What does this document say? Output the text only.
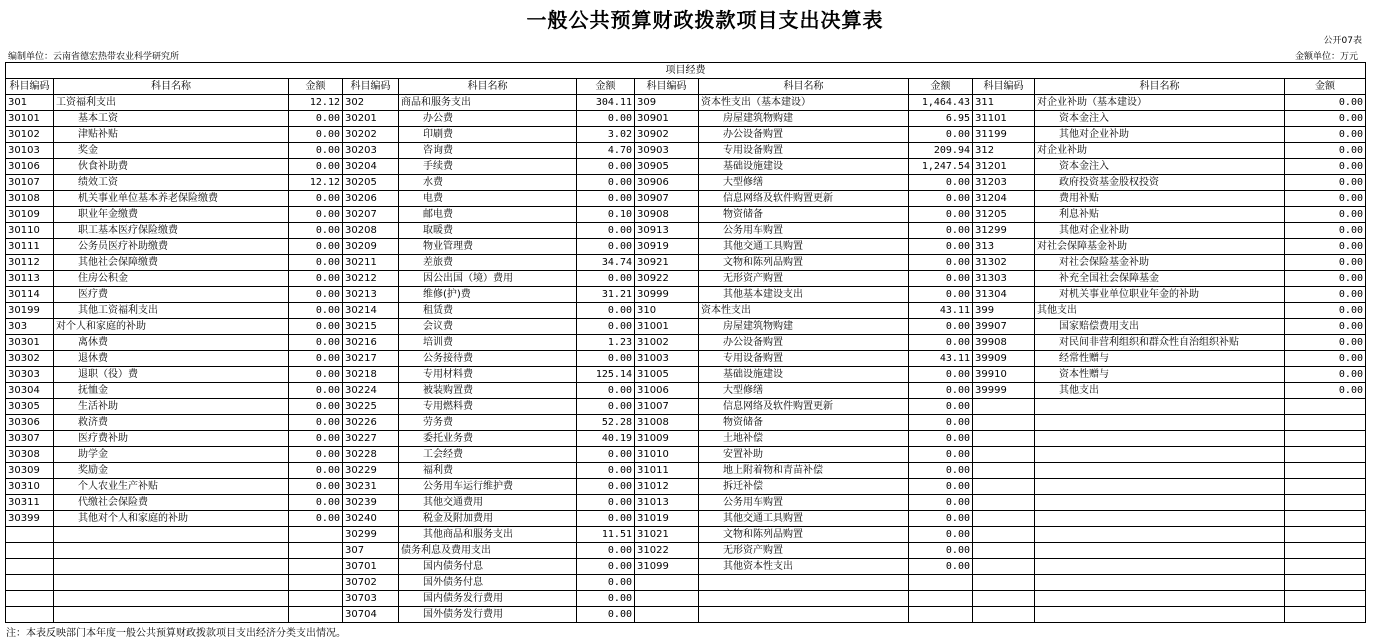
一般公共预算财政拨款项目支出决算表
公开07表
编制单位：云南省德宏热带农业科学研究所	金额单位：万元
项目经费											
科目编码	科目名称	金额	科目编码	科目名称	金额	科目编码	科目名称	金额	科目编码	科目名称	金额
301	工资福利支出	12.12	302	商品和服务支出	304.11	309	资本性支出（基本建设）	1,464.43	311	对企业补助（基本建设）	0.00
30101	基本工资	0.00	30201	办公费	0.00	30901	房屋建筑物购建	6.95	31101	资本金注入	0.00
30102	津贴补贴	0.00	30202	印刷费	3.02	30902	办公设备购置	0.00	31199	其他对企业补助	0.00
30103	奖金	0.00	30203	咨询费	4.70	30903	专用设备购置	209.94	312	对企业补助	0.00
30106	伙食补助费	0.00	30204	手续费	0.00	30905	基础设施建设	1,247.54	31201	资本金注入	0.00
30107	绩效工资	12.12	30205	水费	0.00	30906	大型修缮	0.00	31203	政府投资基金股权投资	0.00
30108	机关事业单位基本养老保险缴费	0.00	30206	电费	0.00	30907	信息网络及软件购置更新	0.00	31204	费用补贴	0.00
30109	职业年金缴费	0.00	30207	邮电费	0.10	30908	物资储备	0.00	31205	利息补贴	0.00
30110	职工基本医疗保险缴费	0.00	30208	取暖费	0.00	30913	公务用车购置	0.00	31299	其他对企业补助	0.00
30111	公务员医疗补助缴费	0.00	30209	物业管理费	0.00	30919	其他交通工具购置	0.00	313	对社会保障基金补助	0.00
30112	其他社会保障缴费	0.00	30211	差旅费	34.74	30921	文物和陈列品购置	0.00	31302	对社会保险基金补助	0.00
30113	住房公积金	0.00	30212	因公出国（境）费用	0.00	30922	无形资产购置	0.00	31303	补充全国社会保障基金	0.00
30114	医疗费	0.00	30213	维修(护)费	31.21	30999	其他基本建设支出	0.00	31304	对机关事业单位职业年金的补助	0.00
30199	其他工资福利支出	0.00	30214	租赁费	0.00	310	资本性支出	43.11	399	其他支出	0.00
303	对个人和家庭的补助	0.00	30215	会议费	0.00	31001	房屋建筑物购建	0.00	39907	国家赔偿费用支出	0.00
30301	离休费	0.00	30216	培训费	1.23	31002	办公设备购置	0.00	39908	对民间非营利组织和群众性自治组织补贴	0.00
30302	退休费	0.00	30217	公务接待费	0.00	31003	专用设备购置	43.11	39909	经常性赠与	0.00
30303	退职（役）费	0.00	30218	专用材料费	125.14	31005	基础设施建设	0.00	39910	资本性赠与	0.00
30304	抚恤金	0.00	30224	被装购置费	0.00	31006	大型修缮	0.00	39999	其他支出	0.00
30305	生活补助	0.00	30225	专用燃料费	0.00	31007	信息网络及软件购置更新	0.00			
30306	救济费	0.00	30226	劳务费	52.28	31008	物资储备	0.00			
30307	医疗费补助	0.00	30227	委托业务费	40.19	31009	土地补偿	0.00			
30308	助学金	0.00	30228	工会经费	0.00	31010	安置补助	0.00			
30309	奖励金	0.00	30229	福利费	0.00	31011	地上附着物和青苗补偿	0.00			
30310	个人农业生产补贴	0.00	30231	公务用车运行维护费	0.00	31012	拆迁补偿	0.00			
30311	代缴社会保险费	0.00	30239	其他交通费用	0.00	31013	公务用车购置	0.00			
30399	其他对个人和家庭的补助	0.00	30240	税金及附加费用	0.00	31019	其他交通工具购置	0.00			
			30299	其他商品和服务支出	11.51	31021	文物和陈列品购置	0.00			
			307	债务利息及费用支出	0.00	31022	无形资产购置	0.00			
			30701	国内债务付息	0.00	31099	其他资本性支出	0.00			
			30702	国外债务付息	0.00						
			30703	国内债务发行费用	0.00						
			30704	国外债务发行费用	0.00						
注：本表反映部门本年度一般公共预算财政拨款项目支出经济分类支出情况。
